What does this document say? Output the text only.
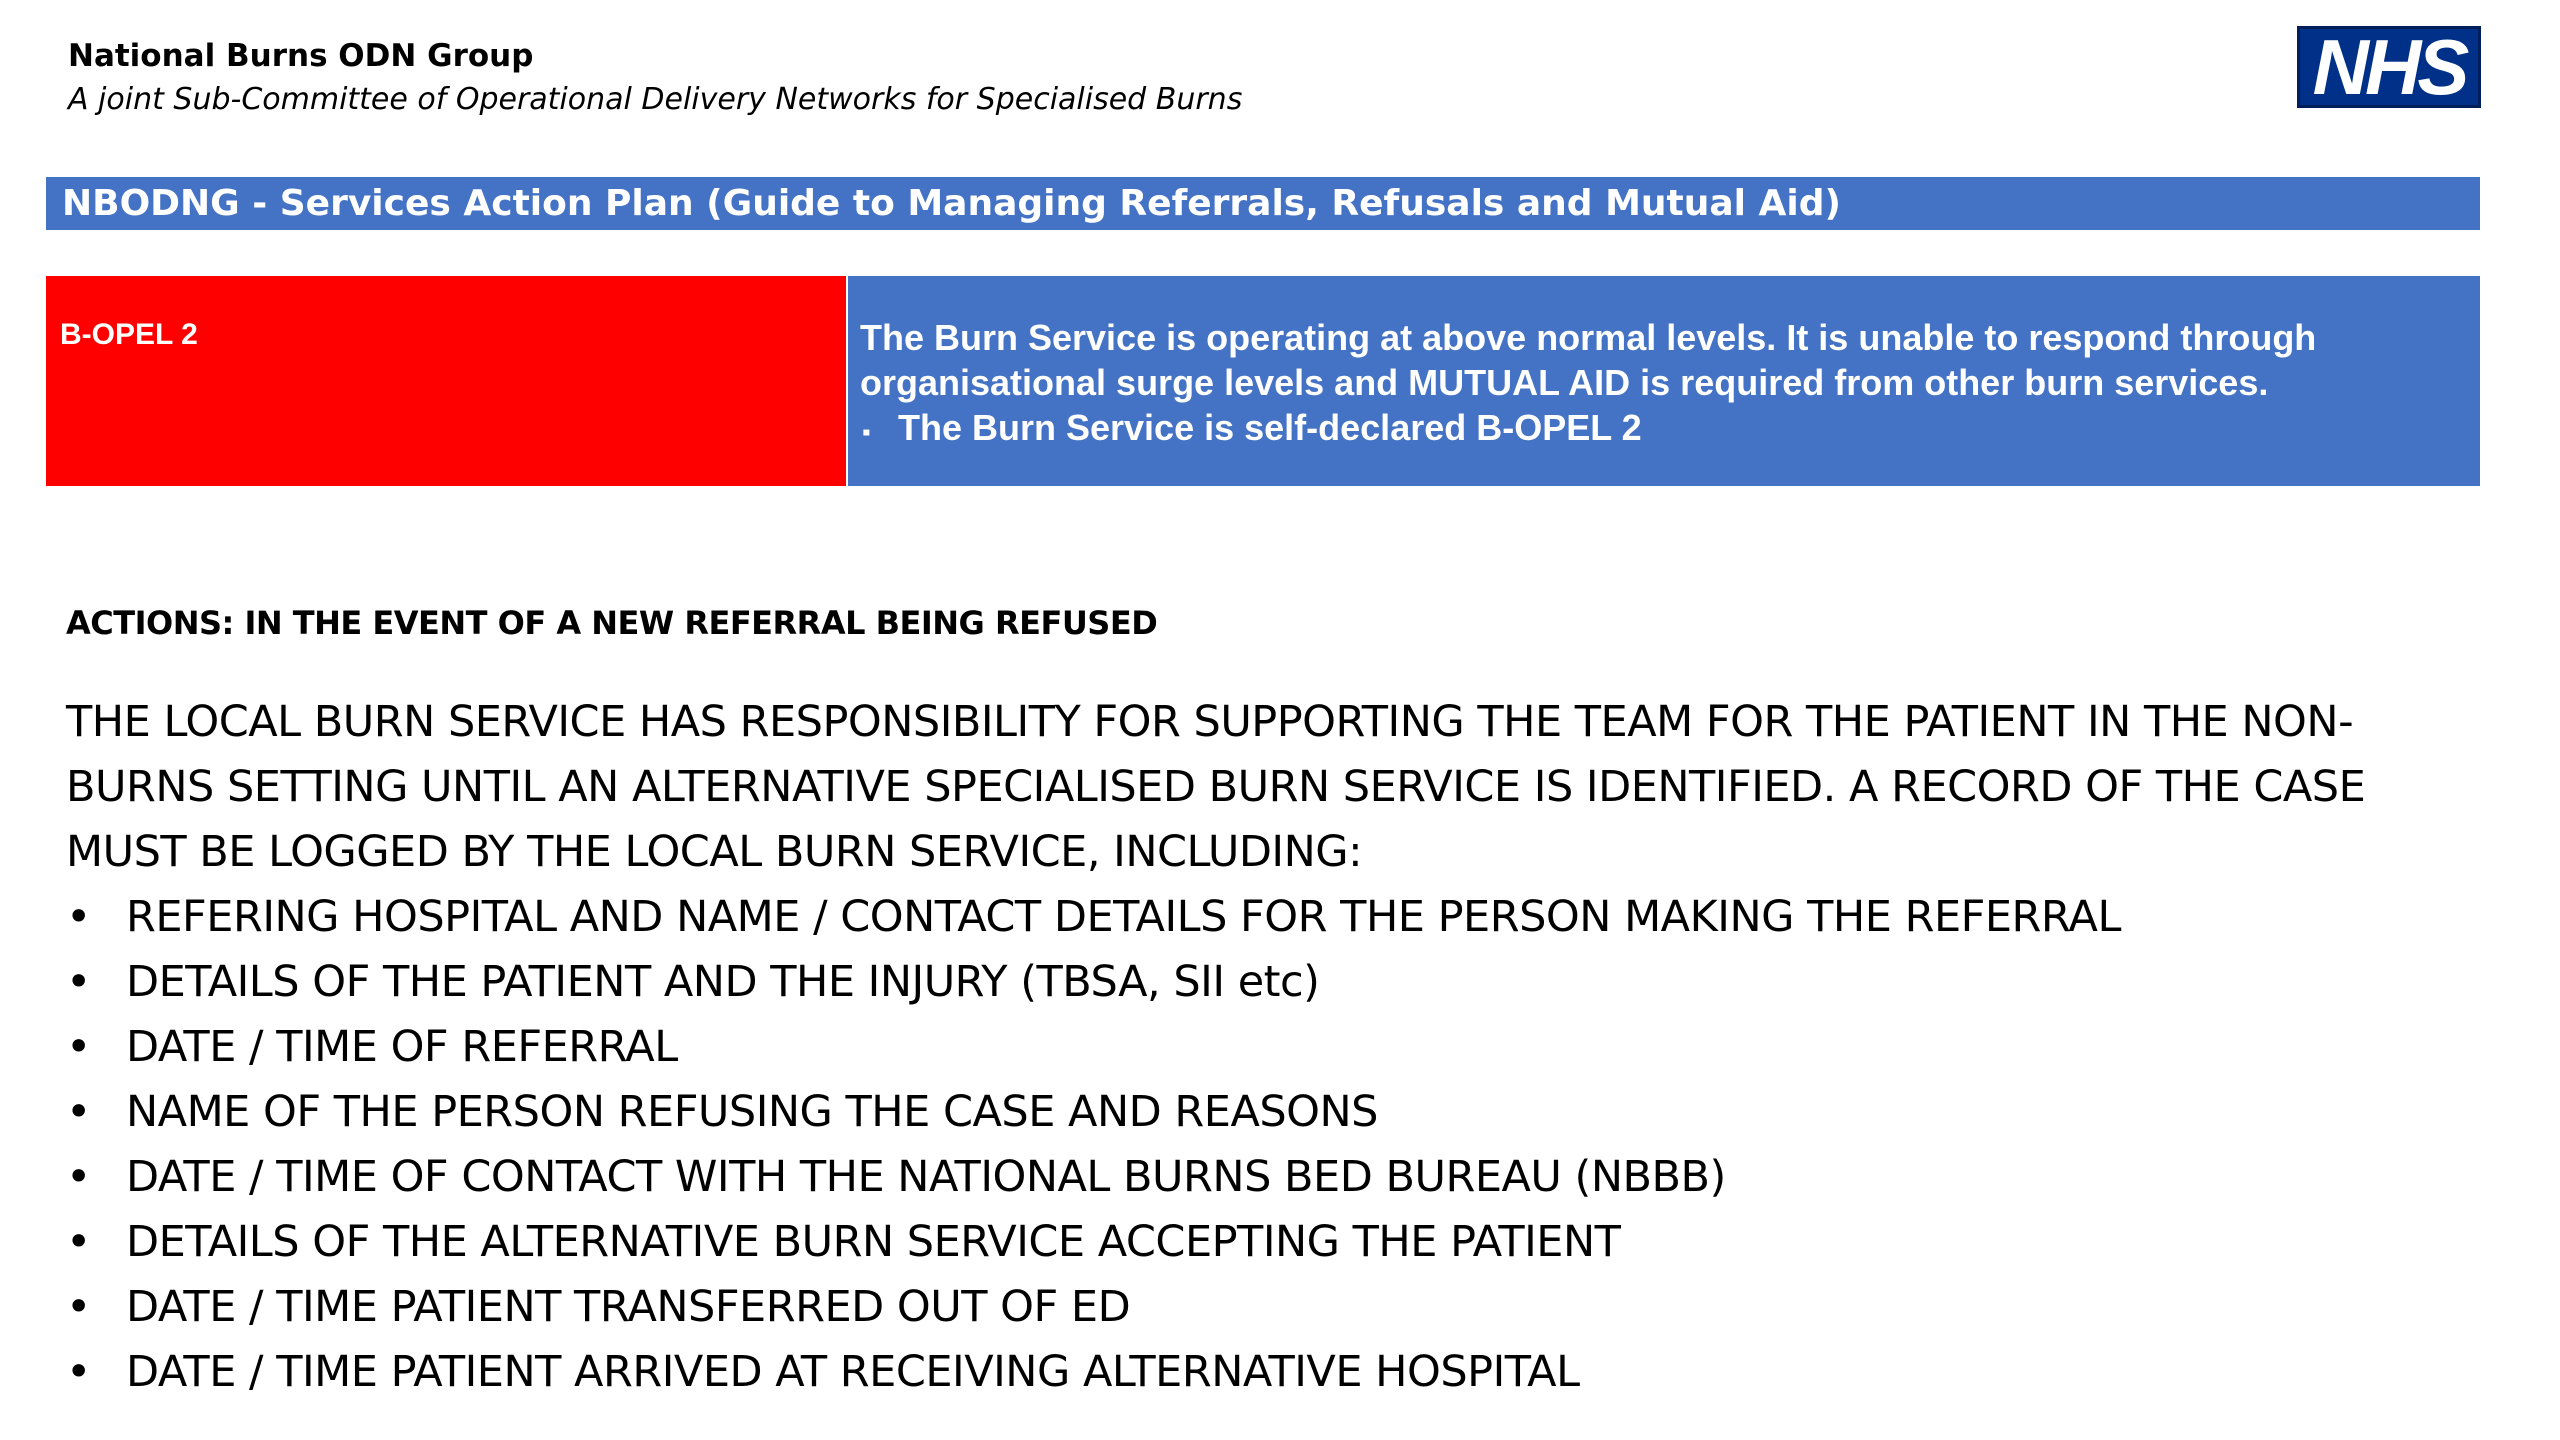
National Burns ODN Group
A joint Sub-Committee of Operational Delivery Networks for Specialised Burns	NHS
NBODNG - Services Action Plan (Guide to Managing Referrals, Refusals and Mutual Aid)
B-OPEL 2	The Burn Service is operating at above normal levels. It is unable to respond through organisational surge levels and MUTUAL AID is required from other burn services.
▪ The Burn Service is self-declared B-OPEL 2
ACTIONS: IN THE EVENT OF A NEW REFERRAL BEING REFUSED

THE LOCAL BURN SERVICE HAS RESPONSIBILITY FOR SUPPORTING THE TEAM FOR THE PATIENT IN THE NON-BURNS SETTING UNTIL AN ALTERNATIVE SPECIALISED BURN SERVICE IS IDENTIFIED. A RECORD OF THE CASE MUST BE LOGGED BY THE LOCAL BURN SERVICE, INCLUDING:

• REFERING HOSPITAL AND NAME / CONTACT DETAILS FOR THE PERSON MAKING THE REFERRAL
• DETAILS OF THE PATIENT AND THE INJURY (TBSA, SII etc)
• DATE / TIME OF REFERRAL
• NAME OF THE PERSON REFUSING THE CASE AND REASONS
• DATE / TIME OF CONTACT WITH THE NATIONAL BURNS BED BUREAU (NBBB)
• DETAILS OF THE ALTERNATIVE BURN SERVICE ACCEPTING THE PATIENT
• DATE / TIME PATIENT TRANSFERRED OUT OF ED
• DATE / TIME PATIENT ARRIVED AT RECEIVING ALTERNATIVE HOSPITAL
